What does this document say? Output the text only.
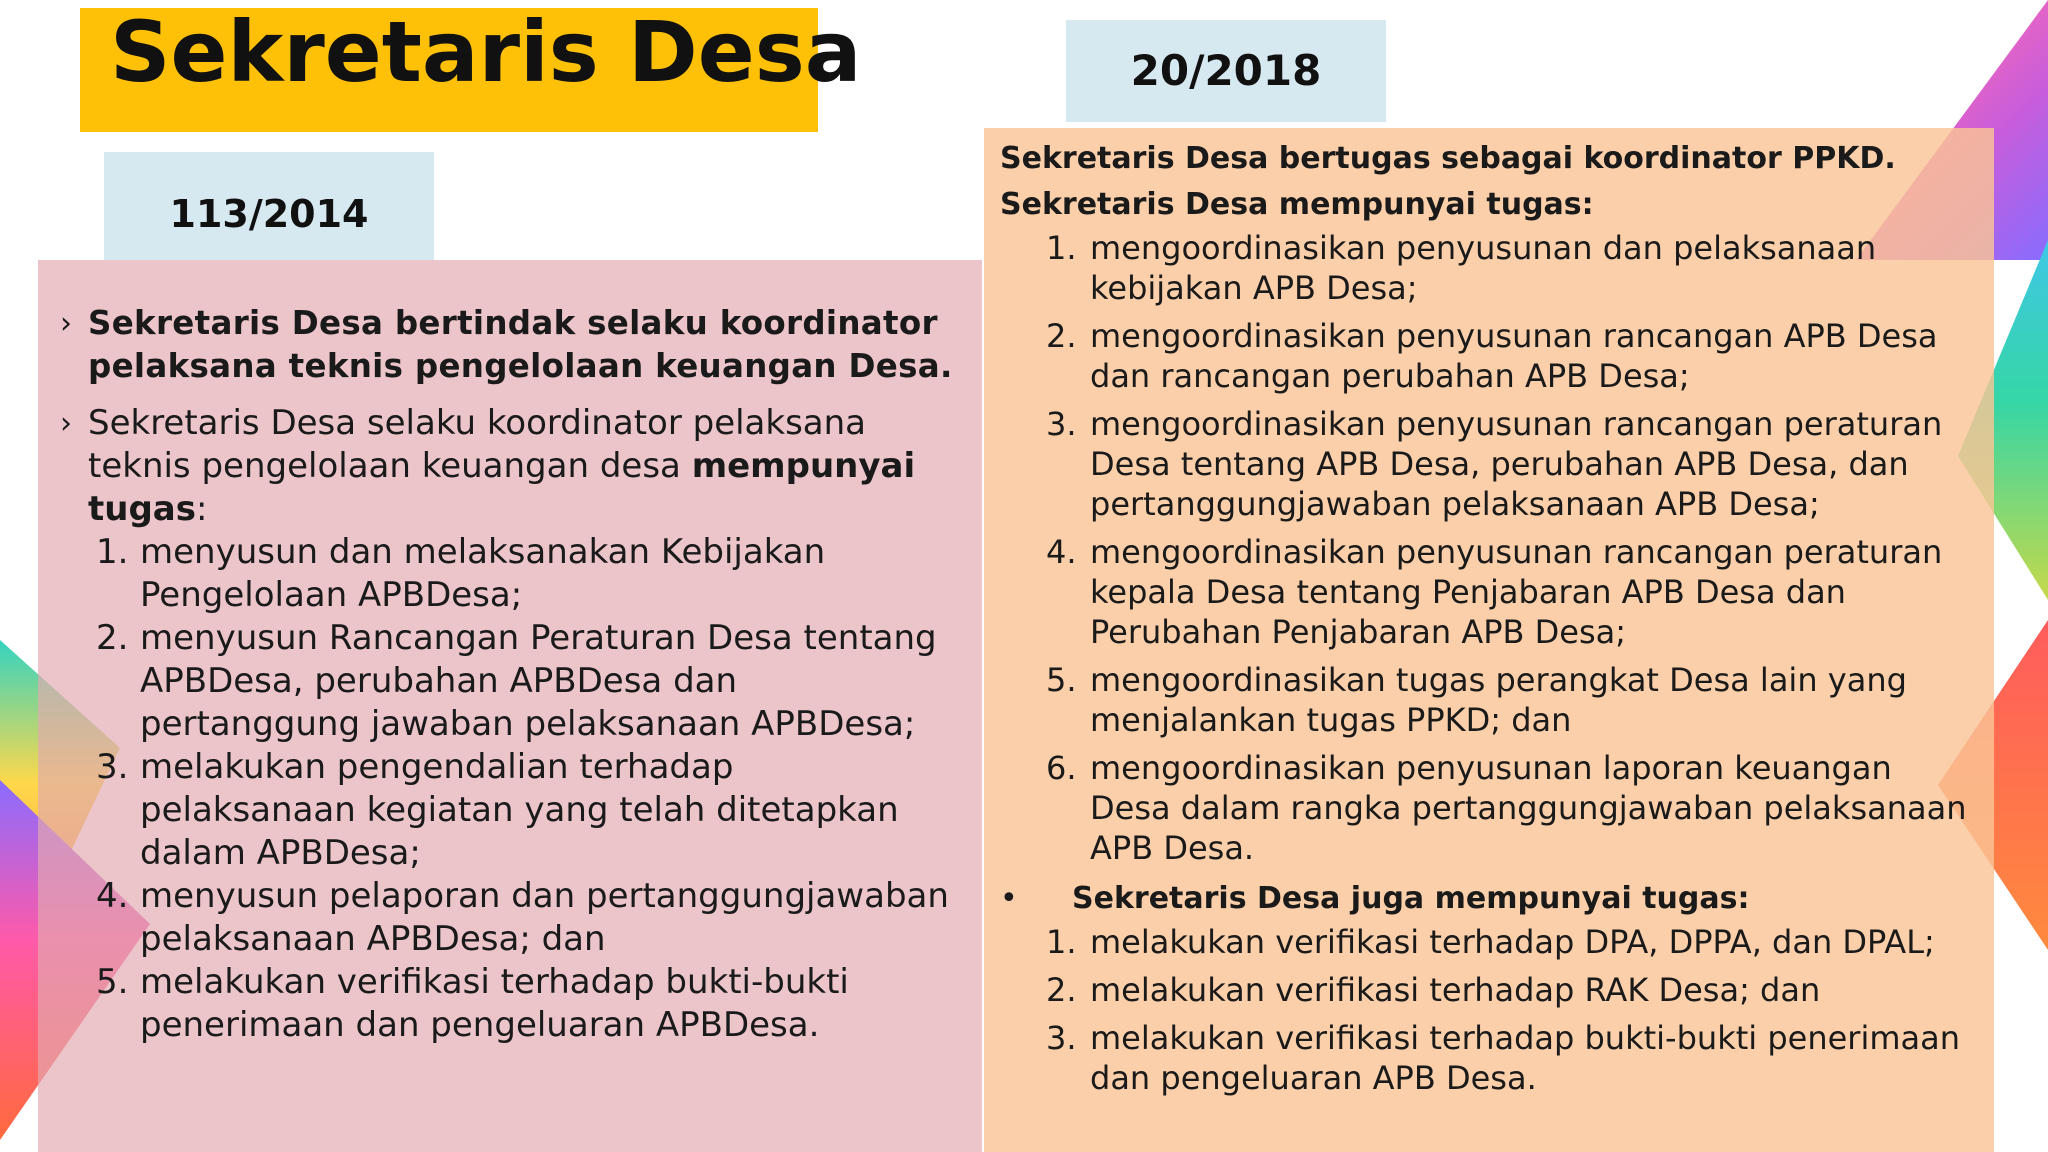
Sekretaris Desa
› Sekretaris Desa bertindak selaku koordinator pelaksana teknis pengelolaan keuangan Desa.
› Sekretaris Desa selaku koordinator pelaksana teknis pengelolaan keuangan desa mempunyai tugas:
1. menyusun dan melaksanakan Kebijakan Pengelolaan APBDesa;
2. menyusun Rancangan Peraturan Desa tentang APBDesa, perubahan APBDesa dan pertanggung jawaban pelaksanaan APBDesa;
3. melakukan pengendalian terhadap pelaksanaan kegiatan yang telah ditetapkan dalam APBDesa;
4. menyusun pelaporan dan pertanggungjawaban pelaksanaan APBDesa; dan
5. melakukan verifikasi terhadap bukti-bukti penerimaan dan pengeluaran APBDesa.
113/2014
Sekretaris Desa bertugas sebagai koordinator PPKD.
Sekretaris Desa mempunyai tugas:
1. mengoordinasikan penyusunan dan pelaksanaan kebijakan APB Desa;
2. mengoordinasikan penyusunan rancangan APB Desa dan rancangan perubahan APB Desa;
3. mengoordinasikan penyusunan rancangan peraturan Desa tentang APB Desa, perubahan APB Desa, dan pertanggungjawaban pelaksanaan APB Desa;
4. mengoordinasikan penyusunan rancangan peraturan kepala Desa tentang Penjabaran APB Desa dan Perubahan Penjabaran APB Desa;
5. mengoordinasikan tugas perangkat Desa lain yang menjalankan tugas PPKD; dan
6. mengoordinasikan penyusunan laporan keuangan Desa dalam rangka pertanggungjawaban pelaksanaan APB Desa.
•	Sekretaris Desa juga mempunyai tugas:
1. melakukan verifikasi terhadap DPA, DPPA, dan DPAL;
2. melakukan verifikasi terhadap RAK Desa; dan
3. melakukan verifikasi terhadap bukti-bukti penerimaan dan pengeluaran APB Desa.
20/2018
